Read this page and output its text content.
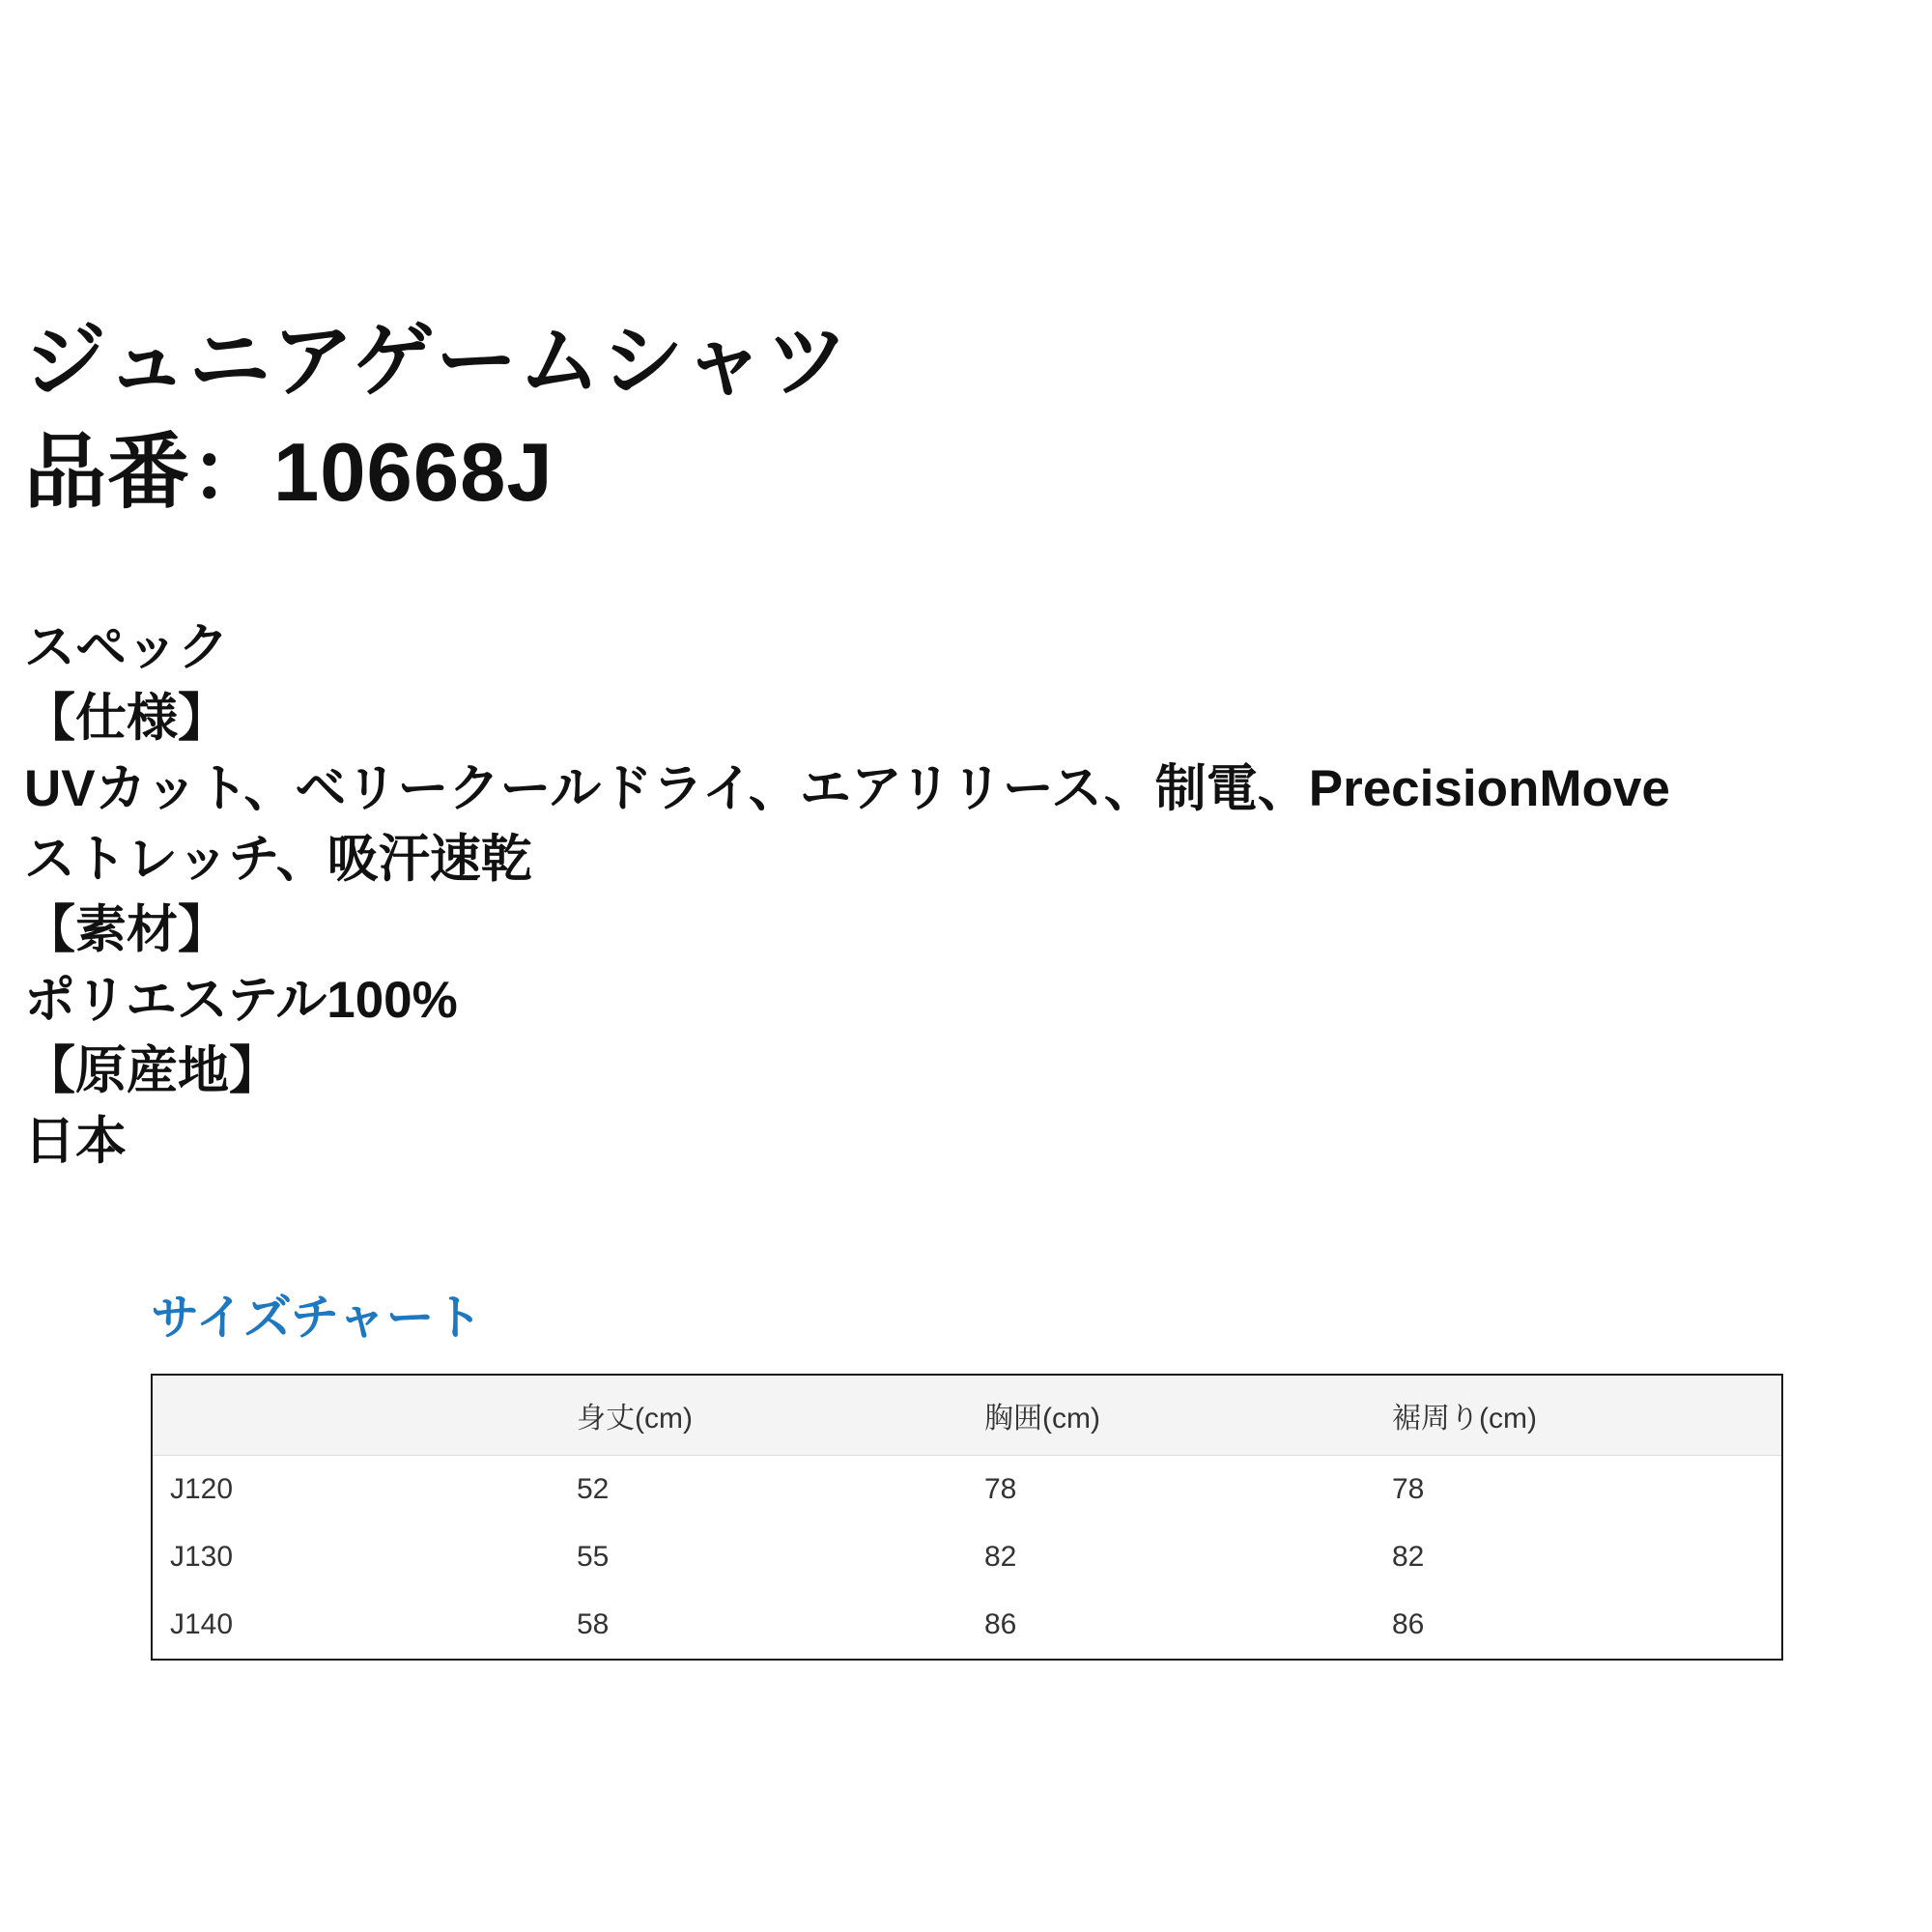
ジュニアゲームシャツ
品番：10668J
スペック
【仕様】
UVカット、ベリークールドライ、エアリリース、制電、PrecisionMove
ストレッチ、吸汗速乾
【素材】
ポリエステル100%
【原産地】
日本
サイズチャート
	身丈(cm)	胸囲(cm)	裾周り(cm)
J120	52	78	78
J130	55	82	82
J140	58	86	86
